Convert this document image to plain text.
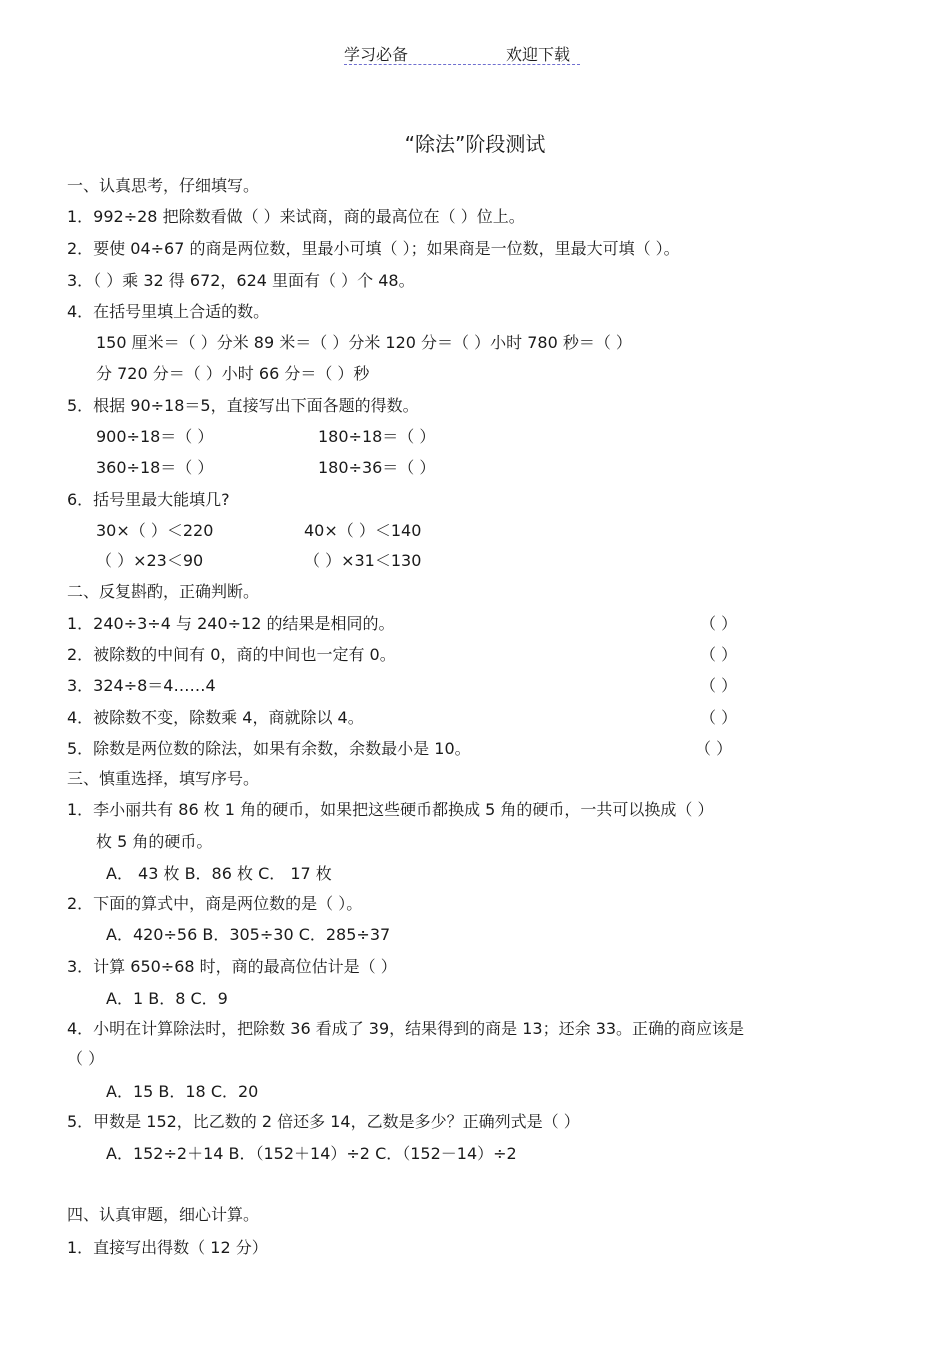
学习必备	欢迎下载
“除法”阶段测试
一、认真思考，仔细填写。
1．992÷28 把除数看做（ ）来试商，商的最高位在（ ）位上。
2．要使 04÷67 的商是两位数，里最小可填（ ）；如果商是一位数，里最大可填（ ）。
3．（ ）乘 32 得 672，624 里面有（ ）个 48。
4．在括号里填上合适的数。
150 厘米＝（ ）分米 89 米＝（ ）分米 120 分＝（ ）小时 780 秒＝（ ）
分 720 分＝（ ）小时 66 分＝（ ）秒
5．根据 90÷18＝5，直接写出下面各题的得数。
900÷18＝（ ）	180÷18＝（ ）
360÷18＝（ ）	180÷36＝（ ）
6．括号里最大能填几?
30×（ ）＜220	40×（ ）＜140
（ ）×23＜90	（ ）×31＜130
二、反复斟酌，正确判断。
1．240÷3÷4 与 240÷12 的结果是相同的。	（ ）
2．被除数的中间有 0，商的中间也一定有 0。	（ ）
3．324÷8＝4……4	（ ）
4．被除数不变，除数乘 4，商就除以 4。	（ ）
5．除数是两位数的除法，如果有余数，余数最小是 10。	（ ）
三、慎重选择，填写序号。
1．李小丽共有 86 枚 1 角的硬币，如果把这些硬币都换成 5 角的硬币，一共可以换成（ ）
枚 5 角的硬币。
A． 43 枚 B．86 枚 C． 17 枚
2．下面的算式中，商是两位数的是（ ）。
A．420÷56 B．305÷30 C．285÷37
3．计算 650÷68 时，商的最高位估计是（ ）
A．1 B．8 C．9
4．小明在计算除法时，把除数 36 看成了 39，结果得到的商是 13；还余 33。正确的商应该是
（ ）
A．15 B．18 C．20
5．甲数是 152，比乙数的 2 倍还多 14，乙数是多少？正确列式是（ ）
A．152÷2＋14 B．（152＋14）÷2 C．（152－14）÷2
四、认真审题，细心计算。
1．直接写出得数（ 12 分）
